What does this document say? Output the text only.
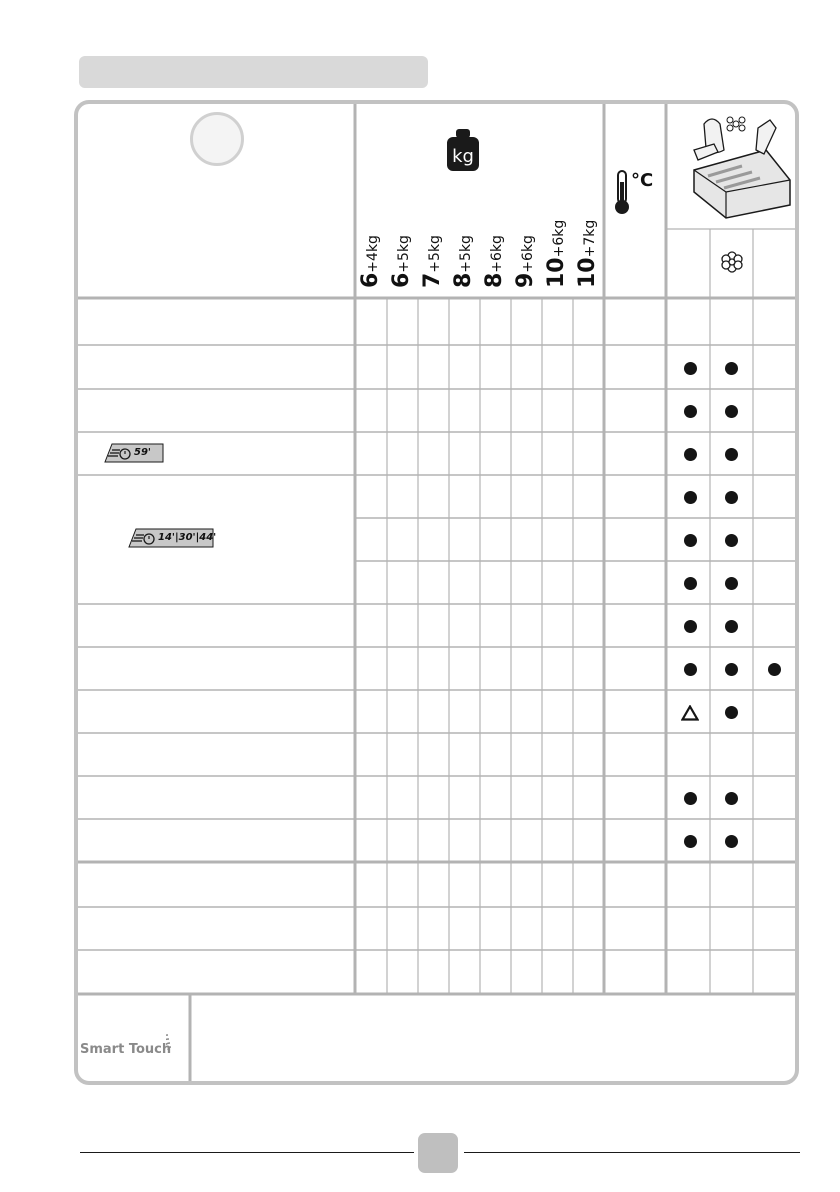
kg
°C
6+4kg
6+5kg
7+5kg
8+5kg
8+6kg
9+6kg
10+6kg
10+7kg
59'
14'|30'|44'
Smart Touch
